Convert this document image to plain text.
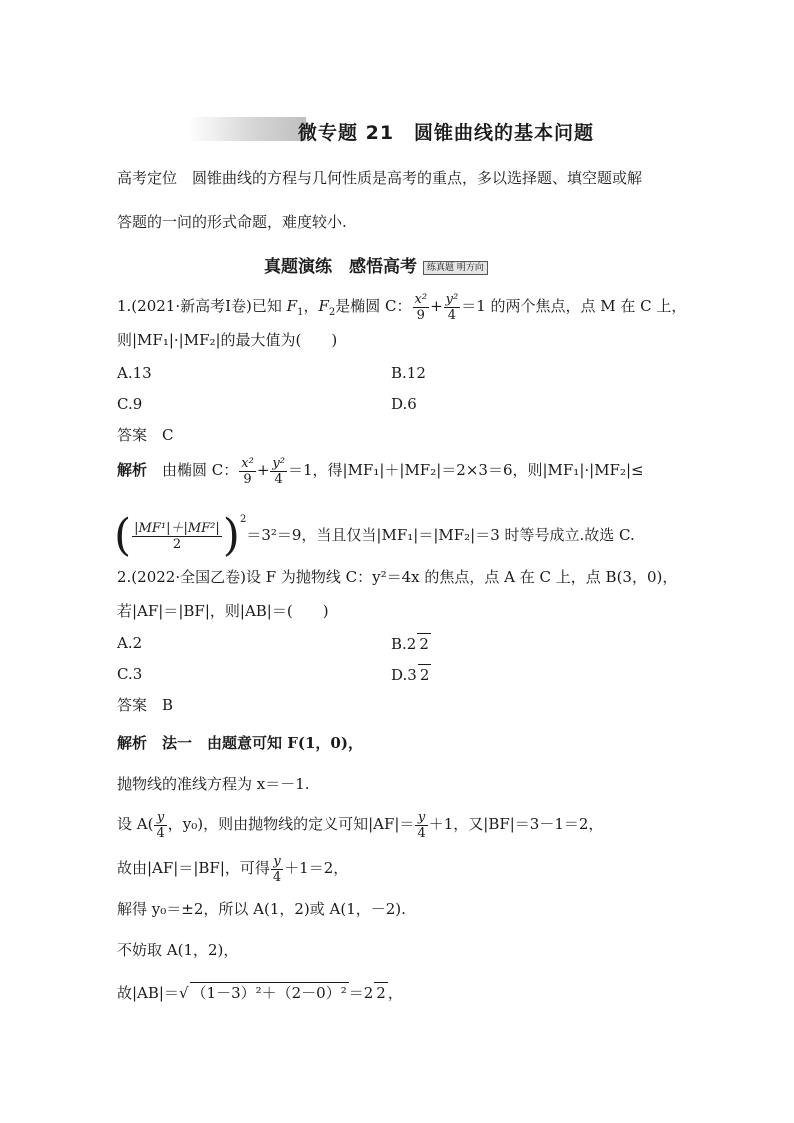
微专题 21　圆锥曲线的基本问题
高考定位　圆锥曲线的方程与几何性质是高考的重点，多以选择题、填空题或解
答题的一问的形式命题，难度较小.
真题演练　感悟高考 练真题 明方向
1.(2021·新高考Ⅰ卷)已知 $F_1$，$F_2$是椭圆 C： $\frac{\text{x²}}{9} + \frac{\text{y²}}{4} =1$ 的两个焦点，点 M 在 C 上，
则|MF₁|·|MF₂|的最大值为(　　)
A.13	B.12
C.9	D.6
答案　C
解析　 由椭圆 C： $\frac{\text{x²}}{9} + \frac{\text{y²}}{4} =1$，得|MF₁|＋|MF₂|＝2×3＝6，则|MF₁|·|MF₂|≤
( $\frac{\text{|MF¹|＋|MF²|}}{2} )^2=3^2=9$，当且仅当|MF₁|＝|MF₂|＝3 时等号成立.故选 C.
2.(2022·全国乙卷)设 F 为抛物线 C：y²＝4x 的焦点，点 A 在 C 上，点 B(3，0)，
若|AF|＝|BF|，则|AB|＝(　　)
A.2	B.2 2
C.3	D.3 2
答案　B
解析　法一　由题意可知 F(1，0)，
抛物线的准线方程为 x＝－1.
设 $A( \frac{y}{4}$ ，y₀)，则由抛物线的定义可知$|AF|= \frac{y}{4} +1$，又|BF|＝3－1＝2，
故由|AF|＝|BF|，可得 $\frac{y}{4} +1=2$，
解得 y₀＝±2，所以 A(1，2)或 A(1，－2).
不妨取 A(1，2)，
故|AB|＝√ （1－3）²＋（2－0）² ＝2 2 ，
